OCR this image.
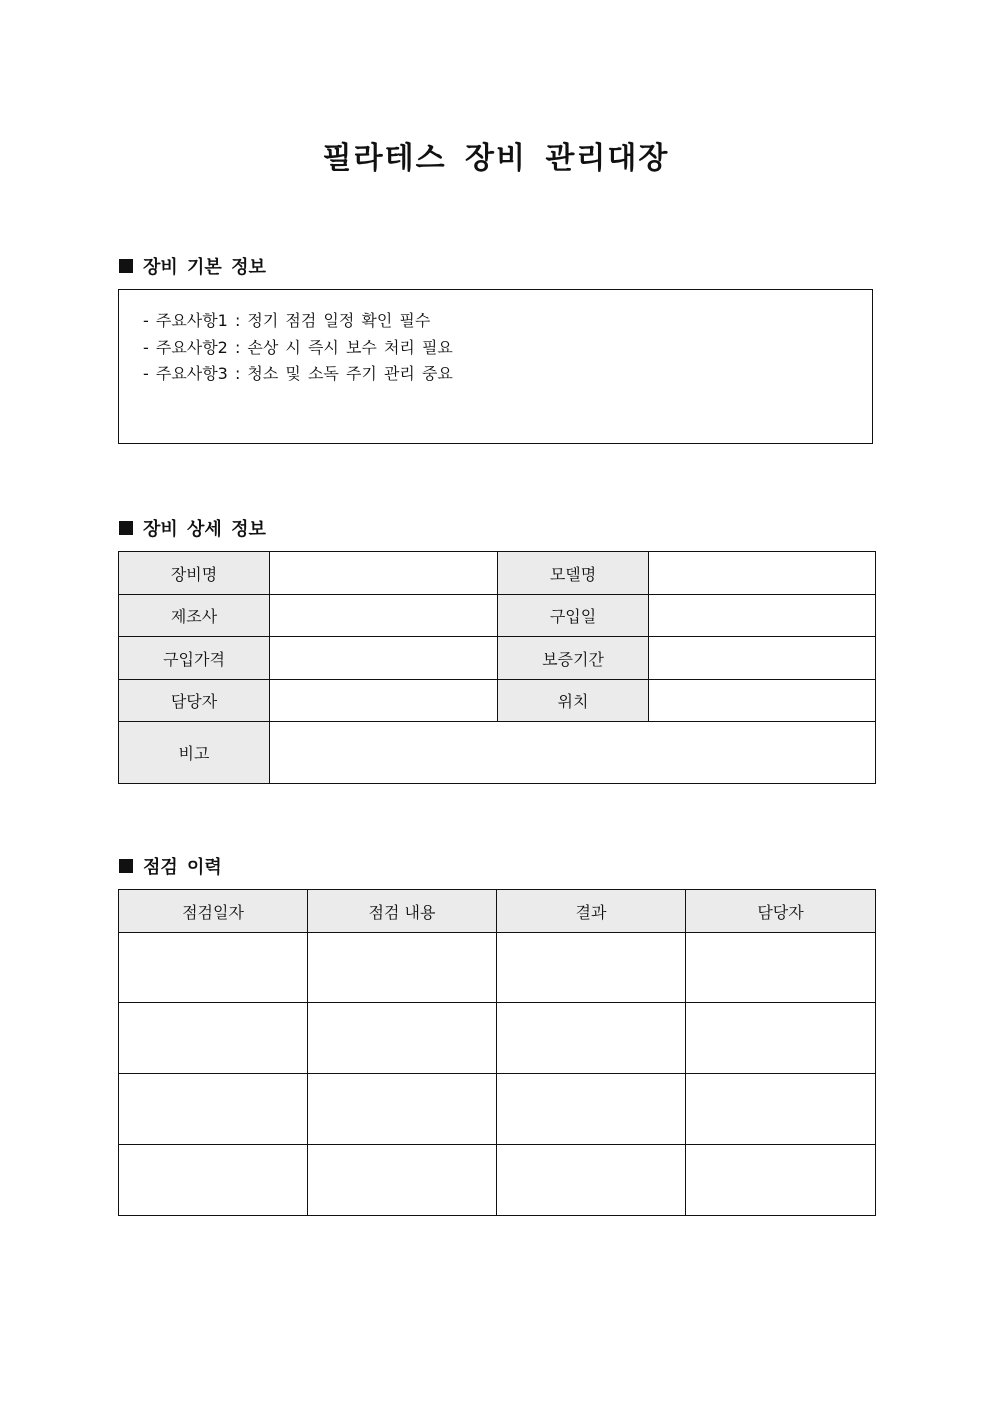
필라테스 장비 관리대장
장비 기본 정보
- 주요사항1 : 정기 점검 일정 확인 필수
- 주요사항2 : 손상 시 즉시 보수 처리 필요
- 주요사항3 : 청소 및 소독 주기 관리 중요
장비 상세 정보
장비명		모델명	
제조사		구입일	
구입가격		보증기간	
담당자		위치	
비고			
점검 이력
점검일자	점검 내용	결과	담당자
